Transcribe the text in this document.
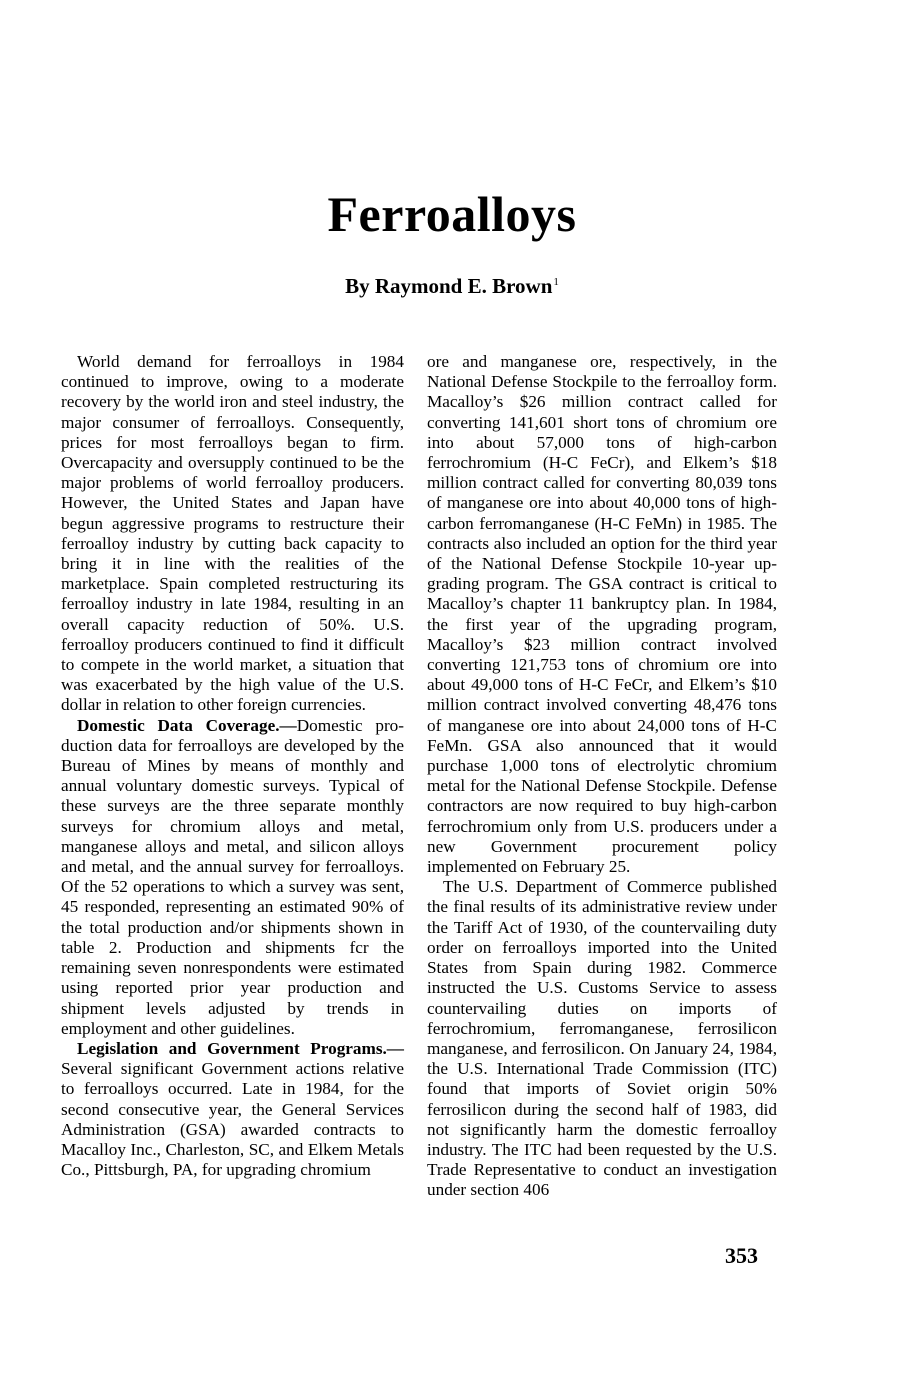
Ferroalloys
By Raymond E. Brown$^1$

World demand for ferroalloys in 1984 continued to improve, owing to a moderate recovery by the world iron and steel industry, the major consumer of ferroalloys. Consequently, prices for most ferroalloys began to firm. Overcapacity and oversupply continued to be the major problems of world ferroalloy producers. However, the United States and Japan have begun aggressive programs to restructure their ferroalloy industry by cutting back capacity to bring it in line with the realities of the marketplace. Spain completed restructuring its ferroalloy industry in late 1984, resulting in an overall capacity reduction of 50%. U.S. ferroalloy producers continued to find it difficult to compete in the world market, a situation that was exacerbated by the high value of the U.S. dollar in relation to other foreign currencies.

Domestic Data Coverage.—Domestic production data for ferroalloys are developed by the Bureau of Mines by means of monthly and annual voluntary domestic surveys. Typical of these surveys are the three separate monthly surveys for chromium alloys and metal, manganese alloys and metal, and silicon alloys and metal, and the annual survey for ferroalloys. Of the 52 operations to which a survey was sent, 45 responded, representing an estimated 90% of the total production and/or shipments shown in table 2. Production and shipments fcr the remaining seven nonrespondents were estimated using reported prior year production and shipment levels adjusted by trends in employment and other guidelines.

Legislation and Government Programs.—Several significant Government actions relative to ferroalloys occurred. Late in 1984, for the second consecutive year, the General Services Administration (GSA) awarded contracts to Macalloy Inc., Charleston, SC, and Elkem Metals Co., Pittsburgh, PA, for upgrading chromium

ore and manganese ore, respectively, in the National Defense Stockpile to the ferroalloy form. Macalloy’s $26 million contract called for converting 141,601 short tons of chromium ore into about 57,000 tons of high-carbon ferrochromium (H-C FeCr), and Elkem’s $18 million contract called for converting 80,039 tons of manganese ore into about 40,000 tons of high-carbon ferromanganese (H-C FeMn) in 1985. The contracts also included an option for the third year of the National Defense Stockpile 10-year upgrading program. The GSA contract is critical to Macalloy’s chapter 11 bankruptcy plan. In 1984, the first year of the upgrading program, Macalloy’s $23 million contract involved converting 121,753 tons of chromium ore into about 49,000 tons of H-C FeCr, and Elkem’s $10 million contract involved converting 48,476 tons of manganese ore into about 24,000 tons of H-C FeMn. GSA also announced that it would purchase 1,000 tons of electrolytic chromium metal for the National Defense Stockpile. Defense contractors are now required to buy high-carbon ferrochromium only from U.S. producers under a new Government procurement policy implemented on February 25.

The U.S. Department of Commerce published the final results of its administrative review under the Tariff Act of 1930, of the countervailing duty order on ferroalloys imported into the United States from Spain during 1982. Commerce instructed the U.S. Customs Service to assess countervailing duties on imports of ferrochromium, ferromanganese, ferrosilicon manganese, and ferrosilicon. On January 24, 1984, the U.S. International Trade Commission (ITC) found that imports of Soviet origin 50% ferrosilicon during the second half of 1983, did not significantly harm the domestic ferroalloy industry. The ITC had been requested by the U.S. Trade Representative to conduct an investigation under section 406

353
